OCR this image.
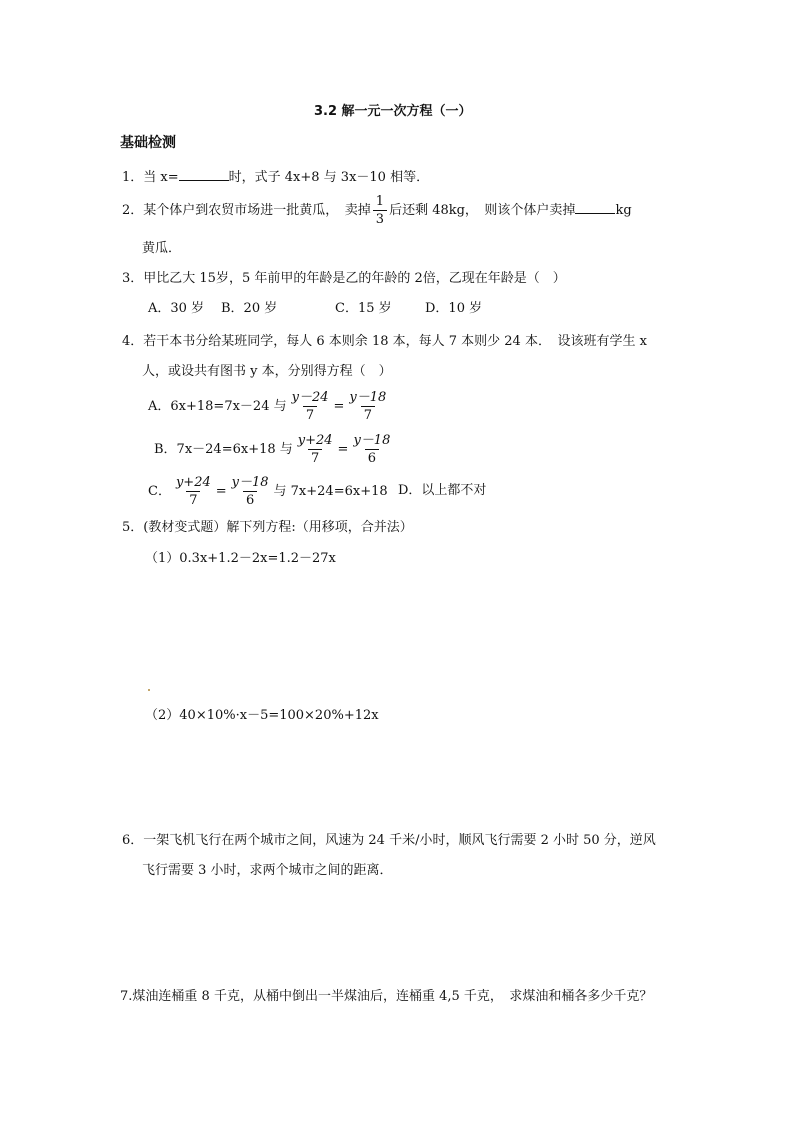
3.2 解一元一次方程（一）
基础检测
1．当 x=	时，式子 4x+8 与 3x－10 相等．
2．某个体户到农贸市场进一批黄瓜，　卖掉 $\frac{1}{3}$ 后还剩 48kg，　则该个体户卖掉	kg
黄瓜．
3．甲比乙大 15岁，5 年前甲的年龄是乙的年龄的 2倍，乙现在年龄是（　）
A．30 岁 B．20 岁	C．15 岁	D．10 岁
4．若干本书分给某班同学，每人 6 本则余 18 本，每人 7 本则少 24 本．　设该班有学生 x
人，或设共有图书 y 本，分别得方程（　）
A．6x+18=7x－24 与 $\frac{y-24}{7} = \frac{y-18}{7}$
B．7x－24=6x+18 与 $\frac{y+24}{7} = \frac{y-18}{6}$
C． $\frac{y+24}{7} = \frac{y-18}{6}$ 与 7x+24=6x+18 D．以上都不对
5．(教材变式题）解下列方程:（用移项，合并法）
（1）0.3x+1.2－2x=1.2－27x
（2）40×10%·x－5=100×20%+12x
6．一架飞机飞行在两个城市之间，风速为 24 千米/小时，顺风飞行需要 2 小时 50 分，逆风
飞行需要 3 小时，求两个城市之间的距离．
7.煤油连桶重 8 千克，从桶中倒出一半煤油后，连桶重 4,5 千克，　求煤油和桶各多少千克？
